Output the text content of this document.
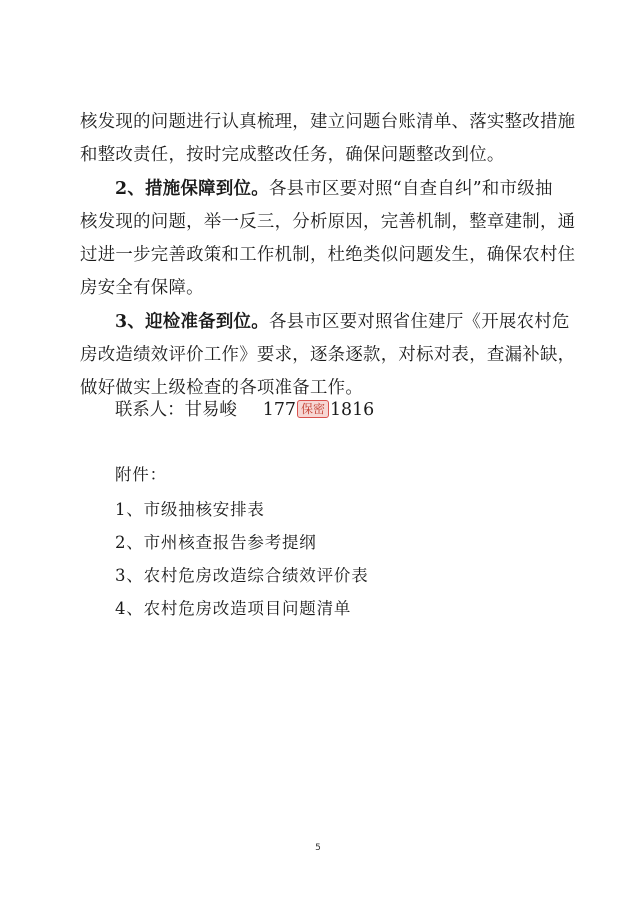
核发现的问题进行认真梳理，建立问题台账清单、落实整改措施
和整改责任，按时完成整改任务，确保问题整改到位。
2、措施保障到位。各县市区要对照“自查自纠”和市级抽
核发现的问题，举一反三，分析原因，完善机制，整章建制，通
过进一步完善政策和工作机制，杜绝类似问题发生，确保农村住
房安全有保障。
3、迎检准备到位。各县市区要对照省住建厅《开展农村危
房改造绩效评价工作》要求，逐条逐款，对标对表，查漏补缺，
做好做实上级检查的各项准备工作。
联系人：甘易峻 177 保密 1816
附件：
1、市级抽核安排表
2、市州核查报告参考提纲
3、农村危房改造综合绩效评价表
4、农村危房改造项目问题清单
5
